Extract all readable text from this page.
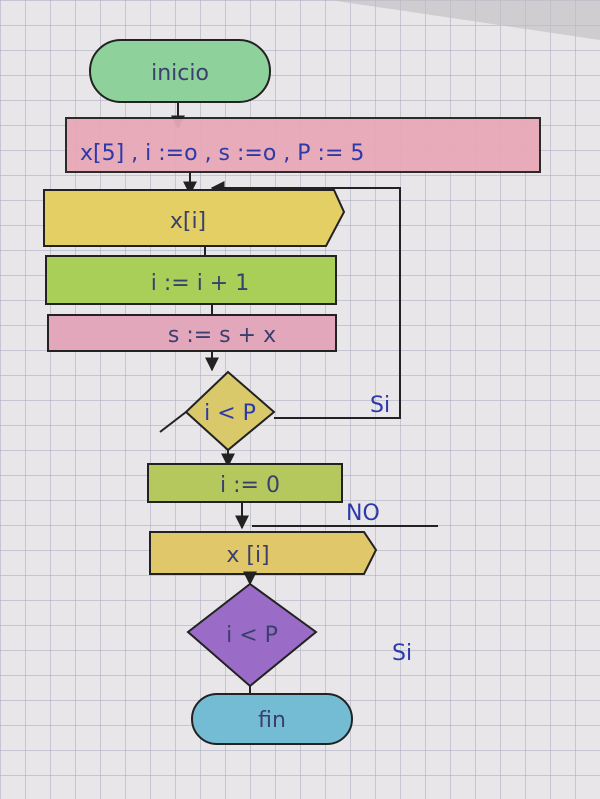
inicio
x[5] , i :=o , s :=o , P := 5
x[i]
i := i + 1
s := s + x
i < P	Si
i := 0
NO
x [i]
i < P
Si
fin
